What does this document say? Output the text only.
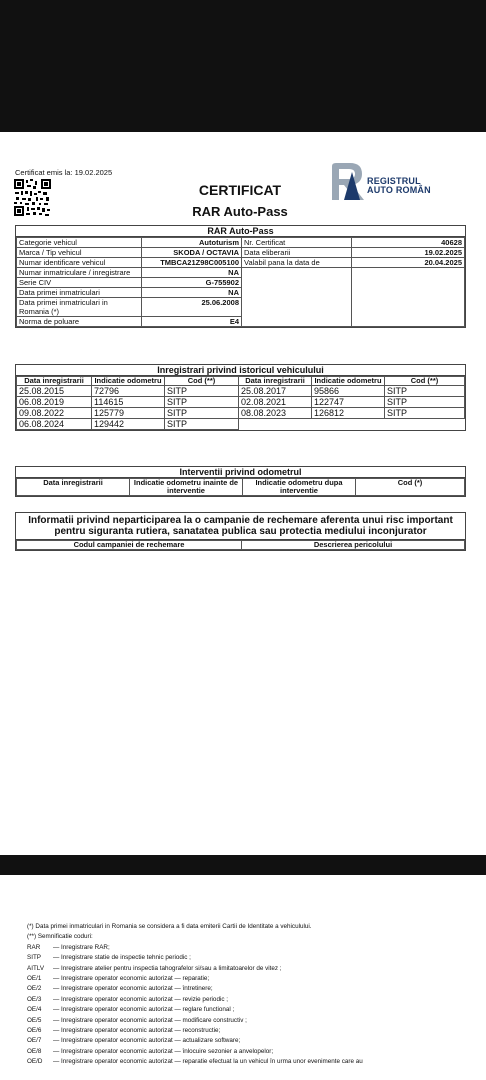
Certificat emis la: 19.02.2025
CERTIFICAT
RAR Auto-Pass
REGISTRUL
AUTO ROMÂN
RAR Auto-Pass
Categorie vehicul	Autoturism	Nr. Certificat	40628
Marca / Tip vehicul	SKODA / OCTAVIA	Data eliberarii	19.02.2025
Numar identificare vehicul	TMBCA21Z98C005100	Valabil pana la data de	20.04.2025
Numar inmatriculare / inregistrare	NA		
Serie CIV	G-755902		
Data primei inmatriculari	NA		
Data primei inmatriculari in Romania (*)	25.06.2008		
Norma de poluare	E4		
Inregistrari privind istoricul vehiculului
Data inregistrarii	Indicatie odometru	Cod (**)	Data inregistrarii	Indicatie odometru	Cod (**)
25.08.2015	72796	SITP	25.08.2017	95866	SITP
06.08.2019	114615	SITP	02.08.2021	122747	SITP
09.08.2022	125779	SITP	08.08.2023	126812	SITP
06.08.2024	129442	SITP			
Interventii privind odometrul
Data inregistrarii	Indicatie odometru inainte de interventie	Indicatie odometru dupa interventie	Cod (*)
Informatii privind neparticiparea la o campanie de rechemare aferenta unui risc important pentru siguranta rutiera, sanatatea publica sau protectia mediului inconjurator
Codul campaniei de rechemare	Descrierea pericolului
(*) Data primei inmatriculari in Romania se considera a fi data emiterii Cartii de Identitate a vehiculului.
(**) Semnificatie coduri:
RAR — Inregistrare RAR;
SITP — Inregistrare statie de inspectie tehnic periodic ;
AITLV — Inregistrare atelier pentru inspectia tahografelor si/sau a limitatoarelor de vitez ;
OE/1 — Inregistrare operator economic autorizat — reparatie;
OE/2 — Inregistrare operator economic autorizat — întretinere;
OE/3 — Inregistrare operator economic autorizat — revizie periodic ;
OE/4 — Inregistrare operator economic autorizat — reglare functional ;
OE/5 — Inregistrare operator economic autorizat — modificare constructiv ;
OE/6 — Inregistrare operator economic autorizat — reconstructie;
OE/7 — Inregistrare operator economic autorizat — actualizare software;
OE/8 — Inregistrare operator economic autorizat — înlocuire sezonier a anvelopelor;
OE/D — Inregistrare operator economic autorizat — reparatie efectuat la un vehicul în urma unor evenimente care au
